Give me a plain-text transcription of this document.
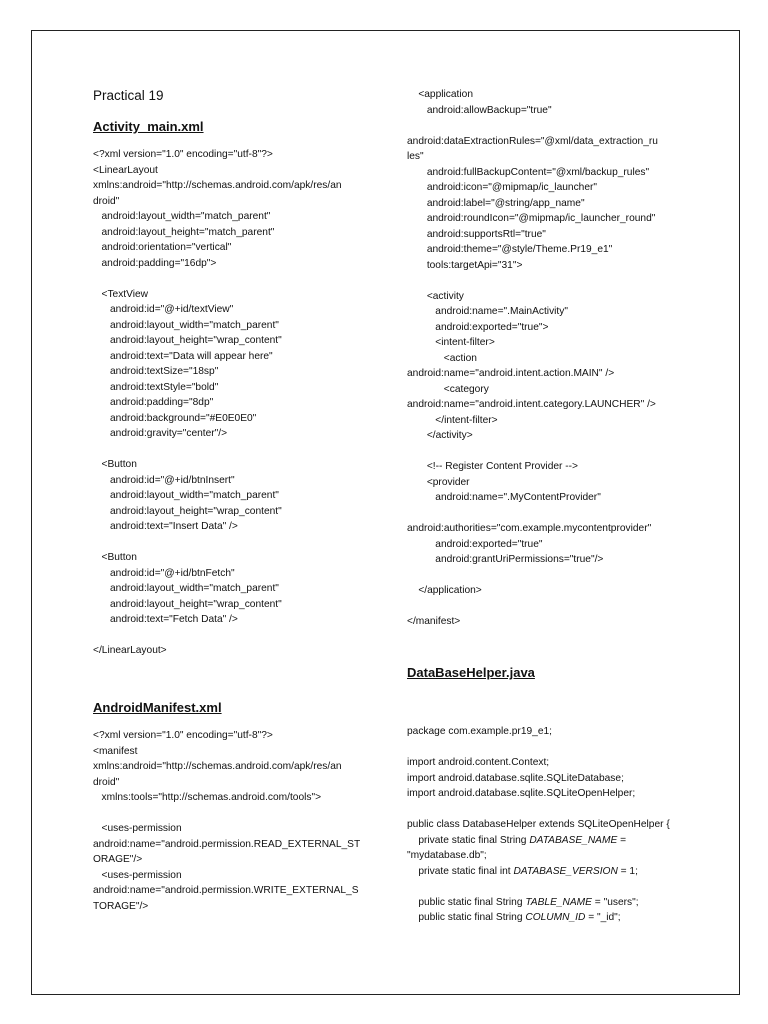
Practical 19
Activity_main.xml
<?xml version="1.0" encoding="utf-8"?>
<LinearLayout
xmlns:android="http://schemas.android.com/apk/res/an
droid"
android:layout_width="match_parent"
android:layout_height="match_parent"
android:orientation="vertical"
android:padding="16dp">
<TextView
android:id="@+id/textView"
android:layout_width="match_parent"
android:layout_height="wrap_content"
android:text="Data will appear here"
android:textSize="18sp"
android:textStyle="bold"
android:padding="8dp"
android:background="#E0E0E0"
android:gravity="center"/>
<Button
android:id="@+id/btnInsert"
android:layout_width="match_parent"
android:layout_height="wrap_content"
android:text="Insert Data" />
<Button
android:id="@+id/btnFetch"
android:layout_width="match_parent"
android:layout_height="wrap_content"
android:text="Fetch Data" />
</LinearLayout>
AndroidManifest.xml
<?xml version="1.0" encoding="utf-8"?>
<manifest
xmlns:android="http://schemas.android.com/apk/res/an
droid"
xmlns:tools="http://schemas.android.com/tools">
<uses-permission
android:name="android.permission.READ_EXTERNAL_ST
ORAGE"/>
<uses-permission
android:name="android.permission.WRITE_EXTERNAL_S
TORAGE"/>
<application
android:allowBackup="true"
android:dataExtractionRules="@xml/data_extraction_ru
les"
android:fullBackupContent="@xml/backup_rules"
android:icon="@mipmap/ic_launcher"
android:label="@string/app_name"
android:roundIcon="@mipmap/ic_launcher_round"
android:supportsRtl="true"
android:theme="@style/Theme.Pr19_e1"
tools:targetApi="31">
<activity
android:name=".MainActivity"
android:exported="true">
<intent-filter>
<action
android:name="android.intent.action.MAIN" />
<category
android:name="android.intent.category.LAUNCHER" />
</intent-filter>
</activity>
<!-- Register Content Provider -->
<provider
android:name=".MyContentProvider"
android:authorities="com.example.mycontentprovider"
android:exported="true"
android:grantUriPermissions="true"/>
</application>
</manifest>
DataBaseHelper.java
package com.example.pr19_e1;
import android.content.Context;
import android.database.sqlite.SQLiteDatabase;
import android.database.sqlite.SQLiteOpenHelper;
public class DatabaseHelper extends SQLiteOpenHelper {
private static final String DATABASE_NAME =
"mydatabase.db";
private static final int DATABASE_VERSION = 1;
public static final String TABLE_NAME = "users";
public static final String COLUMN_ID = "_id";
